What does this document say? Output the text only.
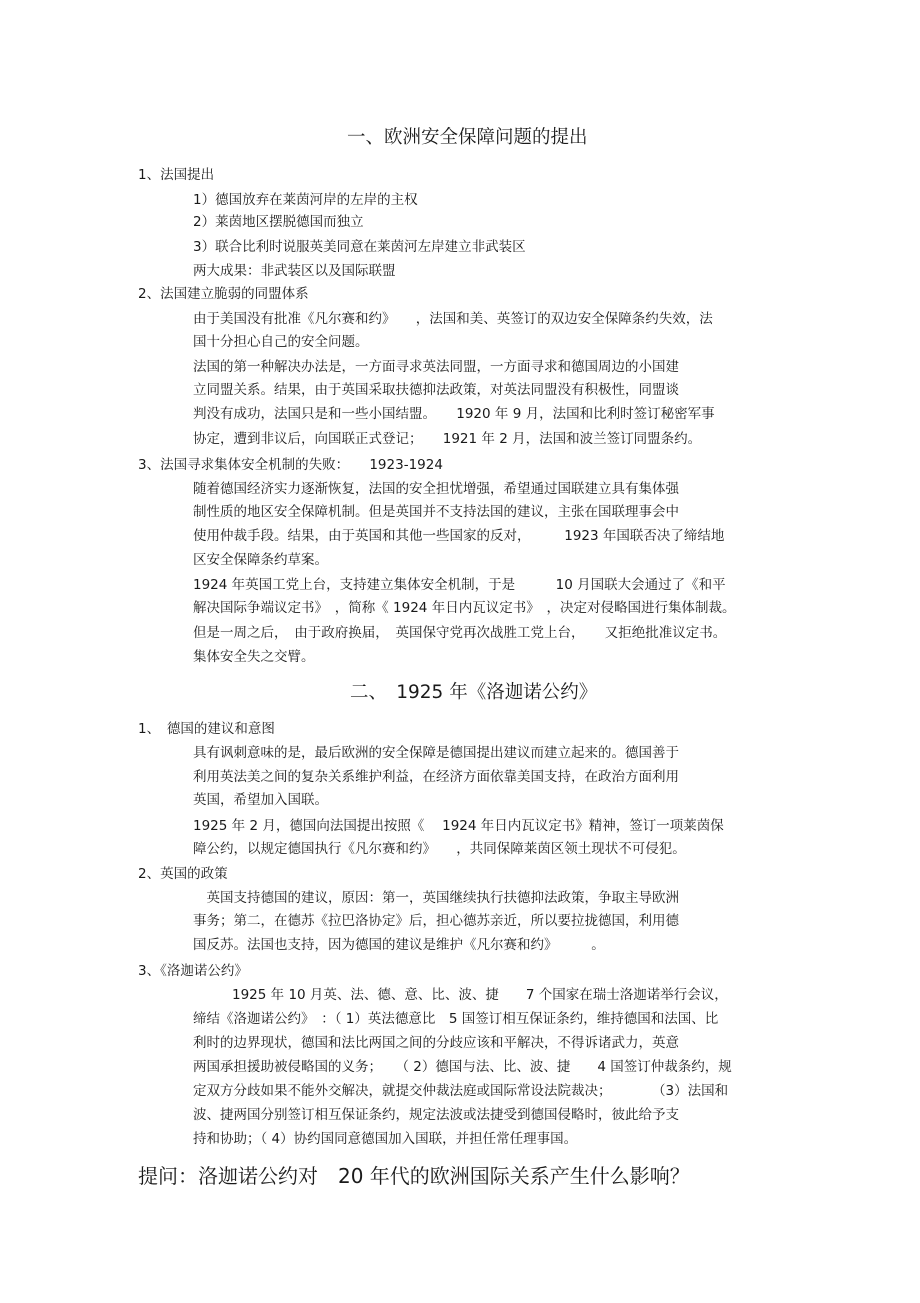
一、欧洲安全保障问题的提出
1、法国提出
1）德国放弃在莱茵河岸的左岸的主权
2）莱茵地区摆脱德国而独立
3）联合比利时说服英美同意在莱茵河左岸建立非武装区
两大成果：非武装区以及国际联盟
2、法国建立脆弱的同盟体系
由于美国没有批准《凡尔赛和约》　　，法国和美、英签订的双边安全保障条约失效，法
国十分担心自己的安全问题。
法国的第一种解决办法是，一方面寻求英法同盟，一方面寻求和德国周边的小国建
立同盟关系。结果，由于英国采取扶德抑法政策，对英法同盟没有积极性，同盟谈
判没有成功，法国只是和一些小国结盟。　　1920 年 9 月，法国和比利时签订秘密军事
协定，遭到非议后，向国联正式登记；　　1921 年 2 月，法国和波兰签订同盟条约。
3、法国寻求集体安全机制的失败：　　1923-1924
随着德国经济实力逐渐恢复，法国的安全担忧增强，希望通过国联建立具有集体强
制性质的地区安全保障机制。但是英国并不支持法国的建议，主张在国联理事会中
使用仲裁手段。结果，由于英国和其他一些国家的反对，　　　1923 年国联否决了缔结地
区安全保障条约草案。
1924 年英国工党上台，支持建立集体安全机制，于是　　　10 月国联大会通过了《和平
解决国际争端议定书》　，简称《 1924 年日内瓦议定书》　，决定对侵略国进行集体制裁。
但是一周之后，　由于政府换届，　英国保守党再次战胜工党上台，　　又拒绝批准议定书。
集体安全失之交臂。
二、　1925 年《洛迦诺公约》
1、　德国的建议和意图
具有讽刺意味的是，最后欧洲的安全保障是德国提出建议而建立起来的。德国善于
利用英法美之间的复杂关系维护利益，在经济方面依靠美国支持，在政治方面利用
英国，希望加入国联。
1925 年 2 月，德国向法国提出按照《　 1924 年日内瓦议定书》精神，签订一项莱茵保
障公约，以规定德国执行《凡尔赛和约》　　，共同保障莱茵区领土现状不可侵犯。
2、英国的政策
　英国支持德国的建议，原因：第一，英国继续执行扶德抑法政策，争取主导欧洲
事务；第二，在德苏《拉巴洛协定》后，担心德苏亲近，所以要拉拢德国，利用德
国反苏。法国也支持，因为德国的建议是维护《凡尔赛和约》　　　。
3、《洛迦诺公约》
1925 年 10 月英、法、德、意、比、波、捷　　7 个国家在瑞士洛迦诺举行会议，
缔结《洛迦诺公约》　：（ 1）英法德意比　5 国签订相互保证条约，维持德国和法国、比
利时的边界现状，德国和法比两国之间的分歧应该和平解决，不得诉诸武力，英意
两国承担援助被侵略国的义务；　　（ 2）德国与法、比、波、捷　　4 国签订仲裁条约，规
定双方分歧如果不能外交解决，就提交仲裁法庭或国际常设法院裁决；　　　　（3）法国和
波、捷两国分别签订相互保证条约，规定法波或法捷受到德国侵略时，彼此给予支
持和协助；（ 4）协约国同意德国加入国联，并担任常任理事国。
提问：洛迦诺公约对　20 年代的欧洲国际关系产生什么影响？
